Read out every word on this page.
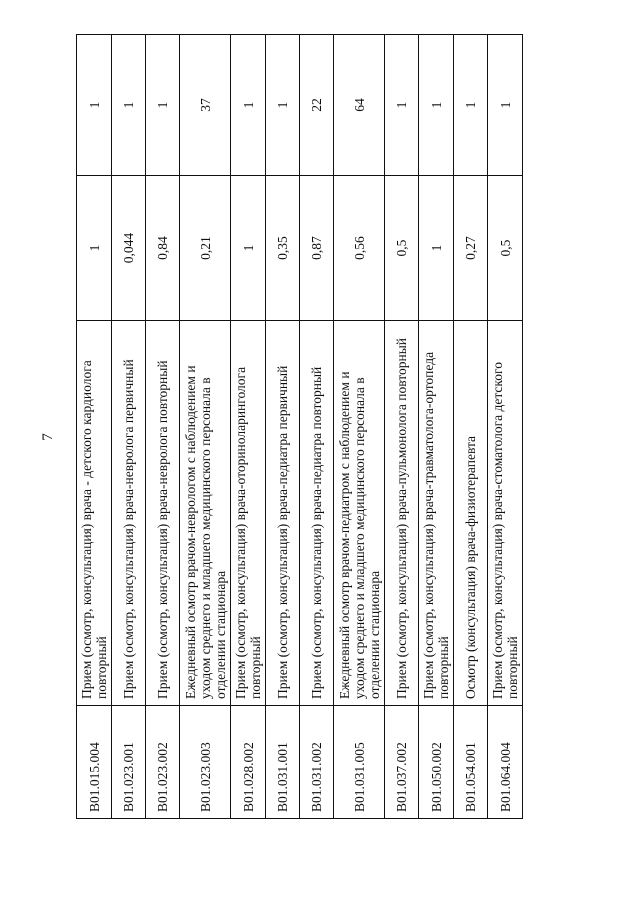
7
B01.015.004	Прием (осмотр, консультация) врача - детского кардиолога повторный	1	1
B01.023.001	Прием (осмотр, консультация) врача-невролога первичный	0,044	1
B01.023.002	Прием (осмотр, консультация) врача-невролога повторный	0,84	1
B01.023.003	Ежедневный осмотр врачом-неврологом с наблюдением и уходом среднего и младшего медицинского персонала в отделении стационара	0,21	37
B01.028.002	Прием (осмотр, консультация) врача-оториноларинголога повторный	1	1
B01.031.001	Прием (осмотр, консультация) врача-педиатра первичный	0,35	1
B01.031.002	Прием (осмотр, консультация) врача-педиатра повторный	0,87	22
B01.031.005	Ежедневный осмотр врачом-педиатром с наблюдением и уходом среднего и младшего медицинского персонала в отделении стационара	0,56	64
B01.037.002	Прием (осмотр, консультация) врача-пульмонолога повторный	0,5	1
B01.050.002	Прием (осмотр, консультация) врача-травматолога-ортопеда повторный	1	1
B01.054.001	Осмотр (консультация) врача-физиотерапевта	0,27	1
B01.064.004	Прием (осмотр, консультация) врача-стоматолога детского повторный	0,5	1
